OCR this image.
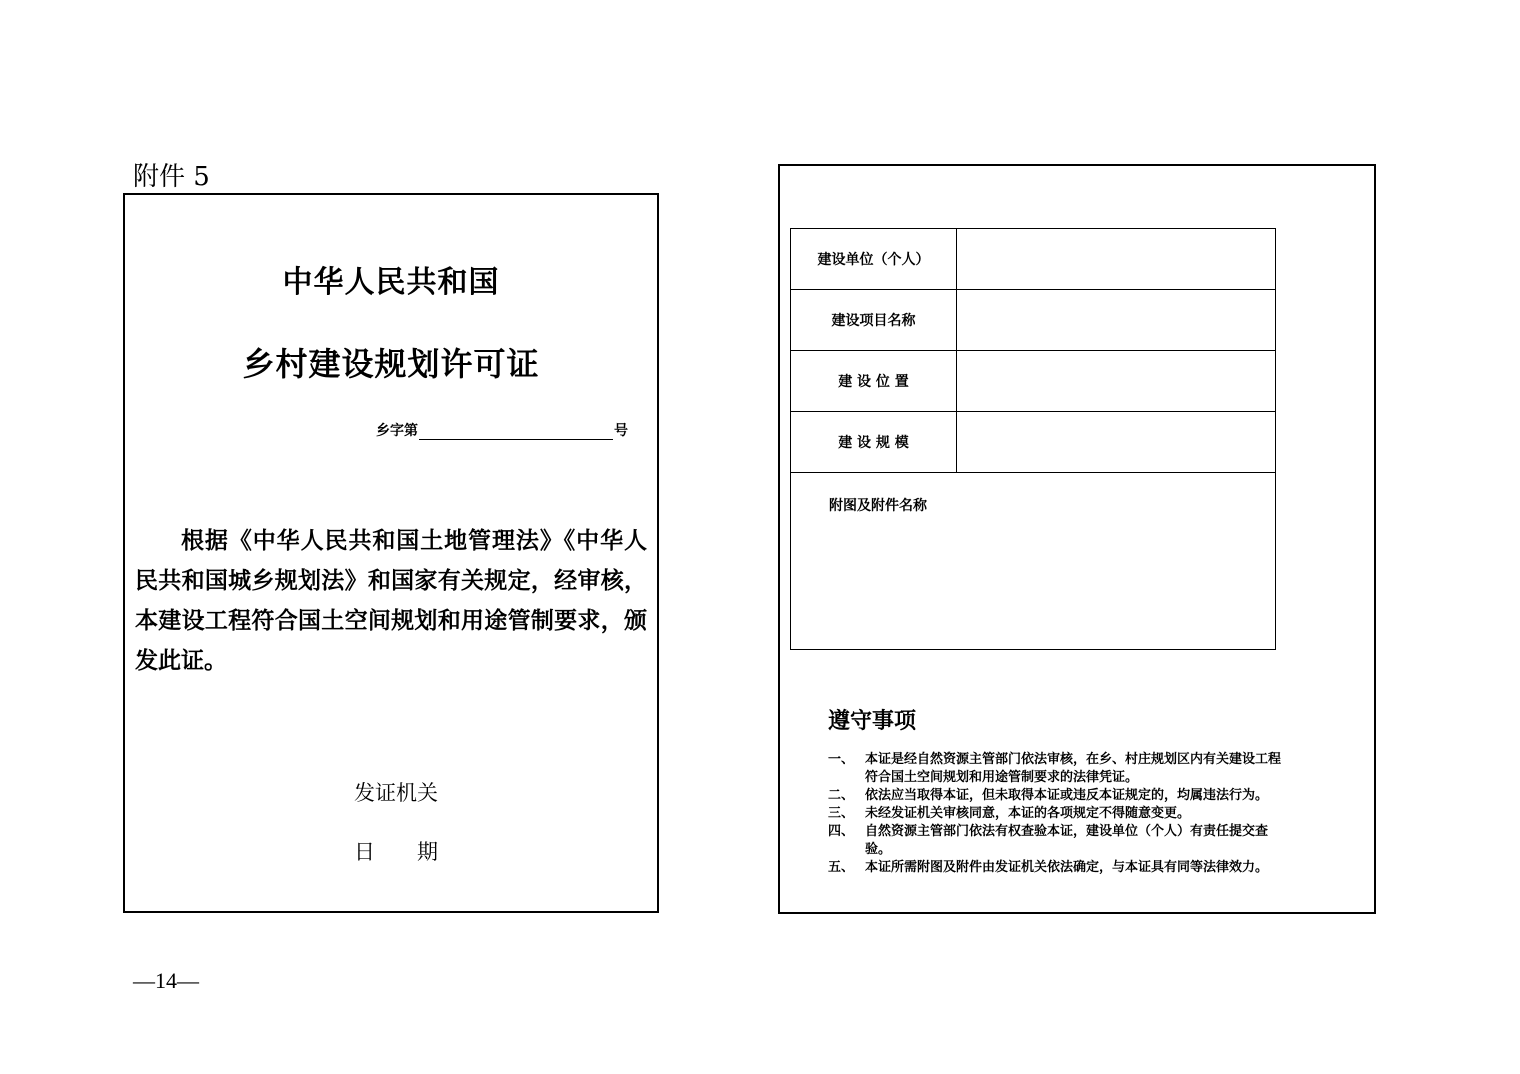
附件 5
中华人民共和国
乡村建设规划许可证
乡字第	号
根据《中华人民共和国土地管理法》《中华人民共和国城乡规划法》和国家有关规定，经审核，本建设工程符合国土空间规划和用途管制要求，颁发此证。
发证机关
日　　期
建设单位（个人）	
建设项目名称	
建 设 位 置	
建 设 规 模	
附图及附件名称	
遵守事项
一、 本证是经自然资源主管部门依法审核，在乡、村庄规划区内有关建设工程符合国土空间规划和用途管制要求的法律凭证。
二、 依法应当取得本证，但未取得本证或违反本证规定的，均属违法行为。
三、 未经发证机关审核同意，本证的各项规定不得随意变更。
四、 自然资源主管部门依法有权查验本证，建设单位（个人）有责任提交查验。
五、 本证所需附图及附件由发证机关依法确定，与本证具有同等法律效力。
—14—
